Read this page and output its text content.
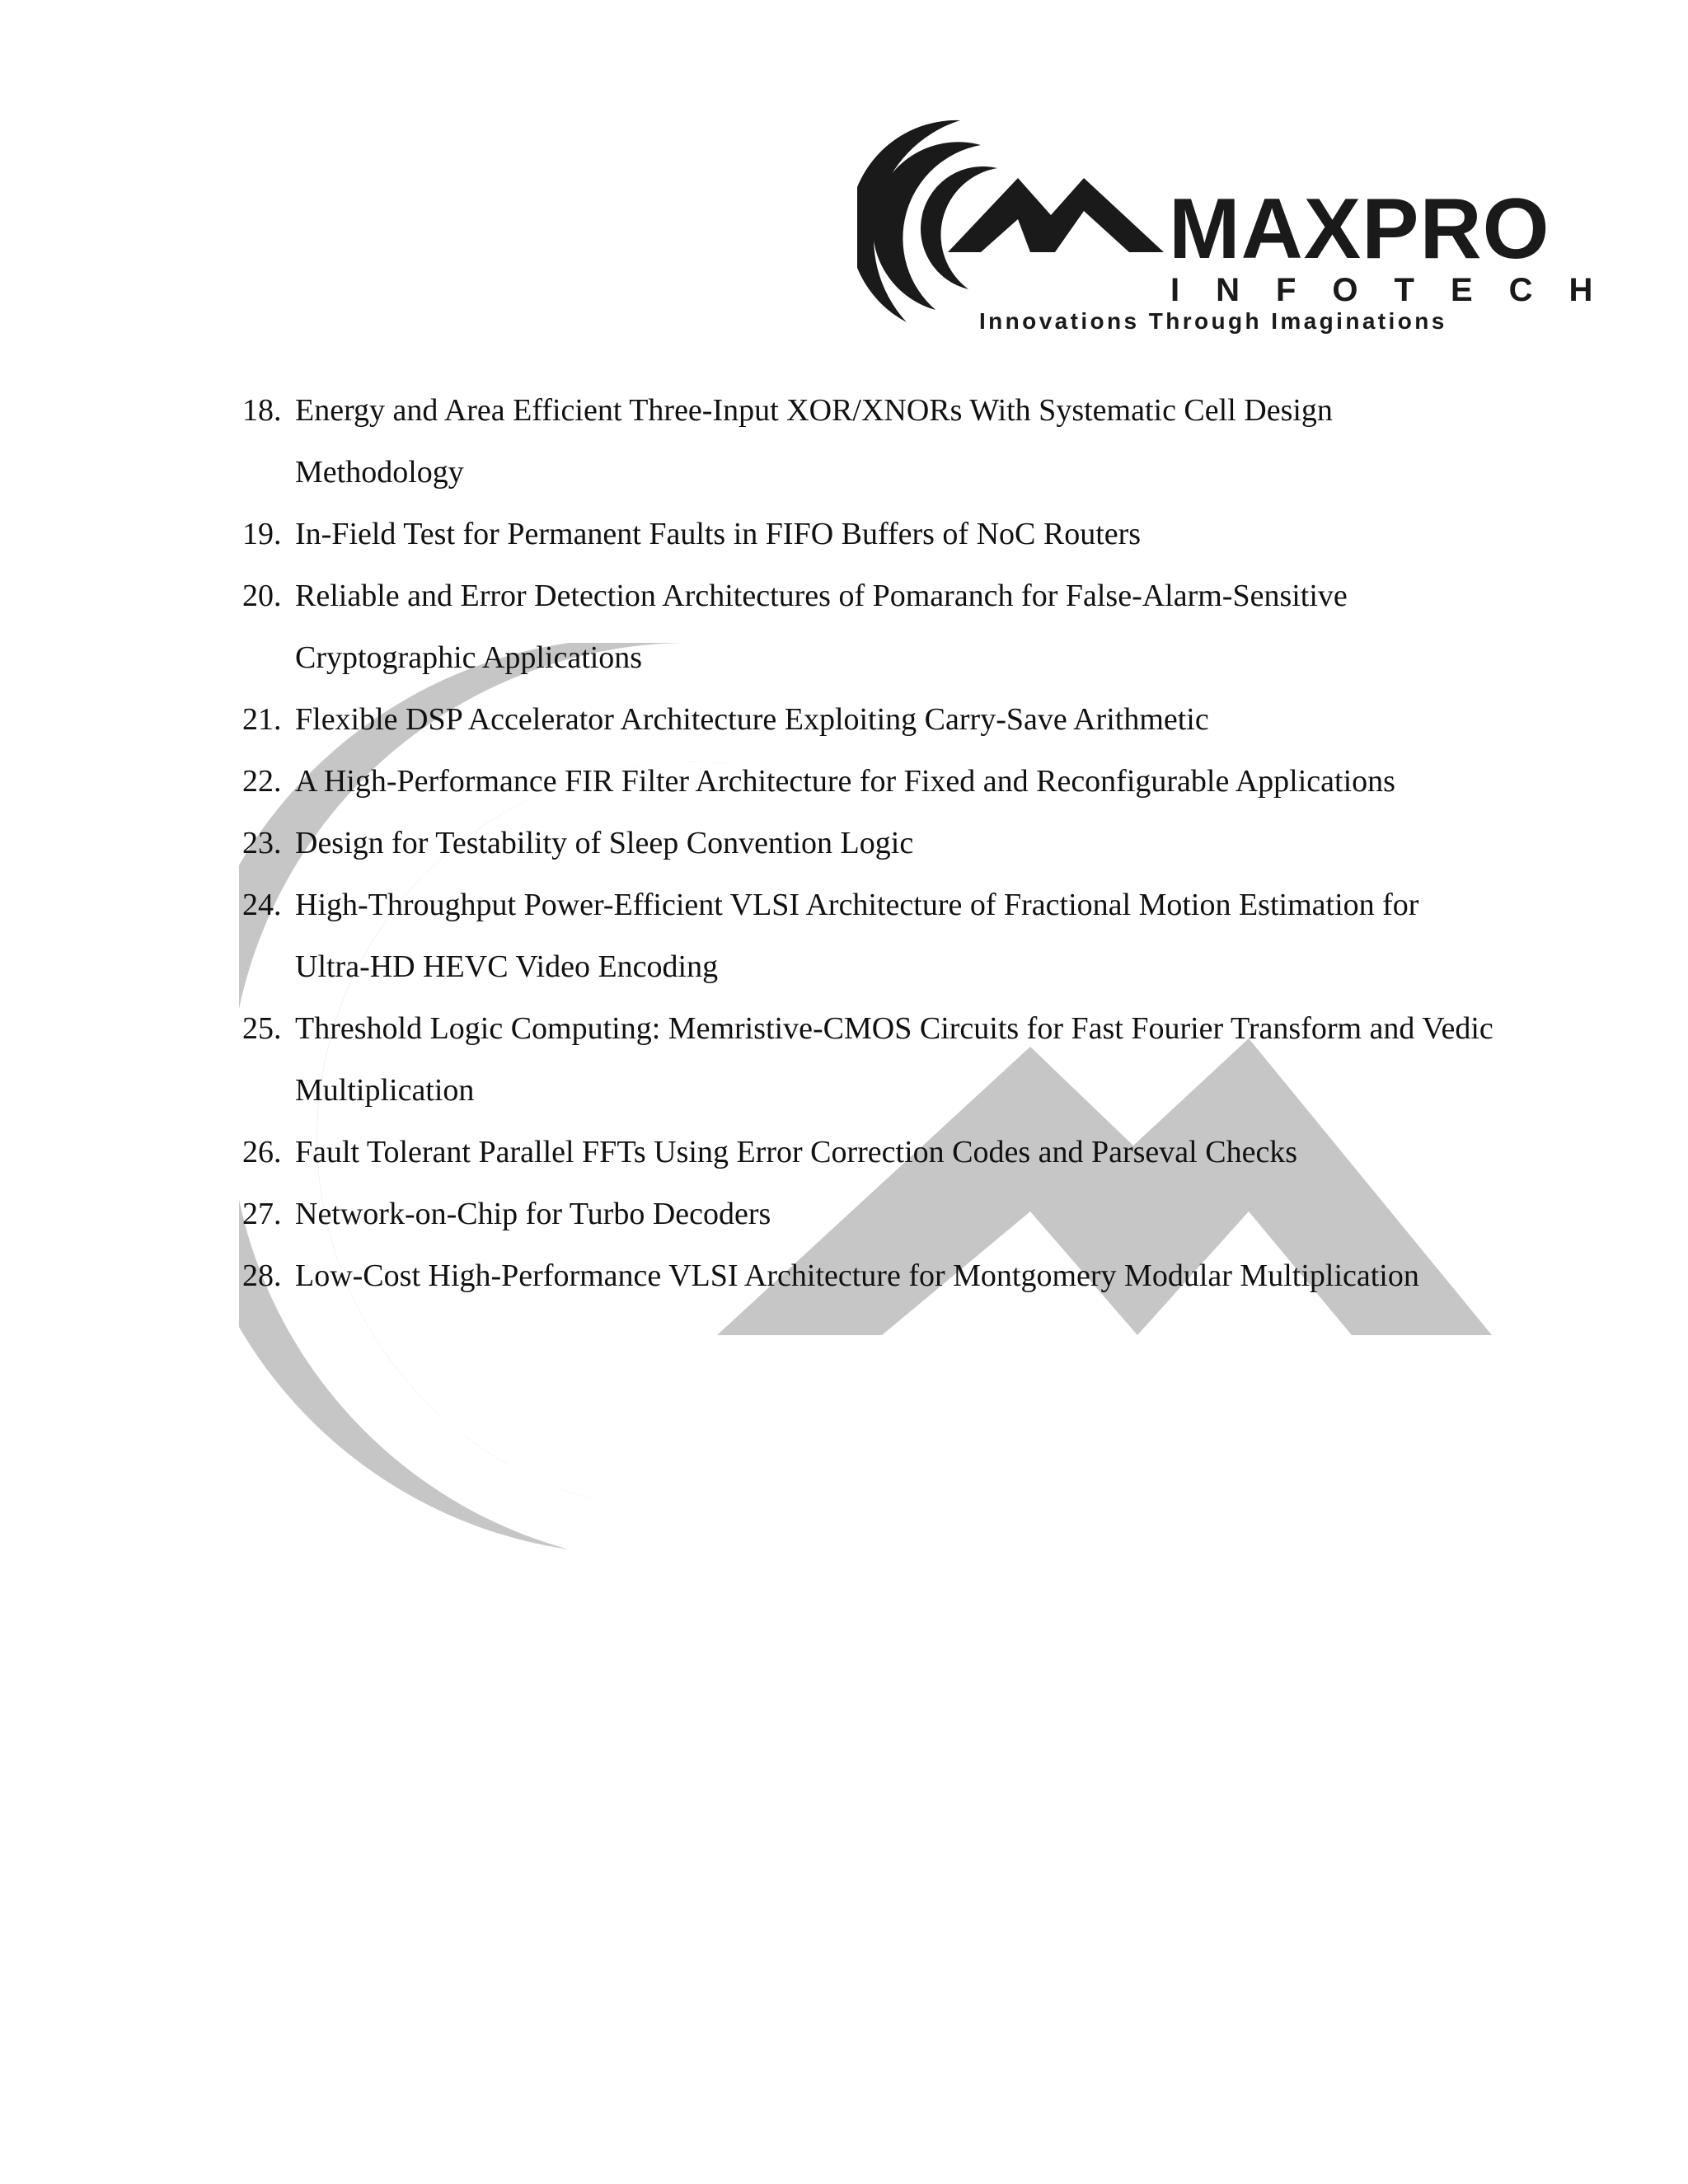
MAXPRO
INFOTECH
Innovations Through Imaginations
18. Energy and Area Efficient Three-Input XOR/XNORs With Systematic Cell Design Methodology
19. In-Field Test for Permanent Faults in FIFO Buffers of NoC Routers
20. Reliable and Error Detection Architectures of Pomaranch for False-Alarm-Sensitive Cryptographic Applications
21. Flexible DSP Accelerator Architecture Exploiting Carry-Save Arithmetic
22. A High-Performance FIR Filter Architecture for Fixed and Reconfigurable Applications
23. Design for Testability of Sleep Convention Logic
24. High-Throughput Power-Efficient VLSI Architecture of Fractional Motion Estimation for Ultra-HD HEVC Video Encoding
25. Threshold Logic Computing: Memristive-CMOS Circuits for Fast Fourier Transform and Vedic Multiplication
26. Fault Tolerant Parallel FFTs Using Error Correction Codes and Parseval Checks
27. Network-on-Chip for Turbo Decoders
28. Low-Cost High-Performance VLSI Architecture for Montgomery Modular Multiplication
